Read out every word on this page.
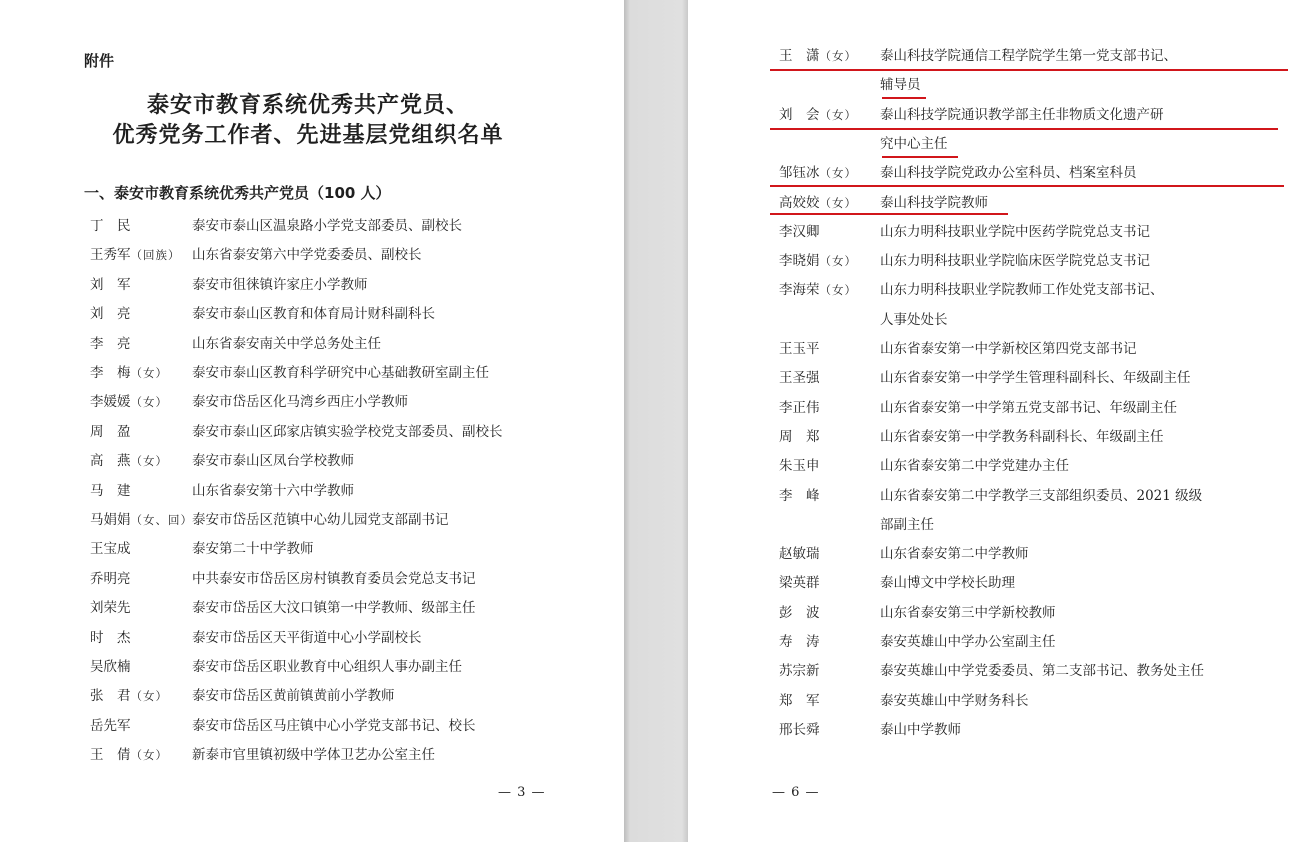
附件
泰安市教育系统优秀共产党员、
优秀党务工作者、先进基层党组织名单
一、泰安市教育系统优秀共产党员（100 人）
丁　民	泰安市泰山区温泉路小学党支部委员、副校长
王秀军（回族） 山东省泰安第六中学党委委员、副校长
刘　军	泰安市徂徕镇许家庄小学教师
刘　亮	泰安市泰山区教育和体育局计财科副科长
李　亮	山东省泰安南关中学总务处主任
李　梅（女） 泰安市泰山区教育科学研究中心基础教研室副主任
李媛媛（女） 泰安市岱岳区化马湾乡西庄小学教师
周　盈	泰安市泰山区邱家店镇实验学校党支部委员、副校长
高　燕（女） 泰安市泰山区凤台学校教师
马　建	山东省泰安第十六中学教师
马娟娟（女、回） 泰安市岱岳区范镇中心幼儿园党支部副书记
王宝成	泰安第二十中学教师
乔明亮	中共泰安市岱岳区房村镇教育委员会党总支书记
刘荣先	泰安市岱岳区大汶口镇第一中学教师、级部主任
时　杰	泰安市岱岳区天平街道中心小学副校长
吴欣楠	泰安市岱岳区职业教育中心组织人事办副主任
张　君（女） 泰安市岱岳区黄前镇黄前小学教师
岳先军	泰安市岱岳区马庄镇中心小学党支部书记、校长
王　倩（女） 新泰市官里镇初级中学体卫艺办公室主任
— 3 —
王　潇（女） 泰山科技学院通信工程学院学生第一党支部书记、
辅导员
刘　会（女） 泰山科技学院通识教学部主任非物质文化遗产研
究中心主任
邹钰冰（女） 泰山科技学院党政办公室科员、档案室科员
高姣姣（女） 泰山科技学院教师
李汉卿	山东力明科技职业学院中医药学院党总支书记
李晓娟（女） 山东力明科技职业学院临床医学院党总支书记
李海荣（女） 山东力明科技职业学院教师工作处党支部书记、
人事处处长
王玉平	山东省泰安第一中学新校区第四党支部书记
王圣强	山东省泰安第一中学学生管理科副科长、年级副主任
李正伟	山东省泰安第一中学第五党支部书记、年级副主任
周　郑	山东省泰安第一中学教务科副科长、年级副主任
朱玉申	山东省泰安第二中学党建办主任
李　峰	山东省泰安第二中学教学三支部组织委员、2021 级级
部副主任
赵敏瑞	山东省泰安第二中学教师
梁英群	泰山博文中学校长助理
彭　波	山东省泰安第三中学新校教师
寿　涛	泰安英雄山中学办公室副主任
苏宗新	泰安英雄山中学党委委员、第二支部书记、教务处主任
郑　军	泰安英雄山中学财务科长
邢长舜	泰山中学教师
— 6 —
